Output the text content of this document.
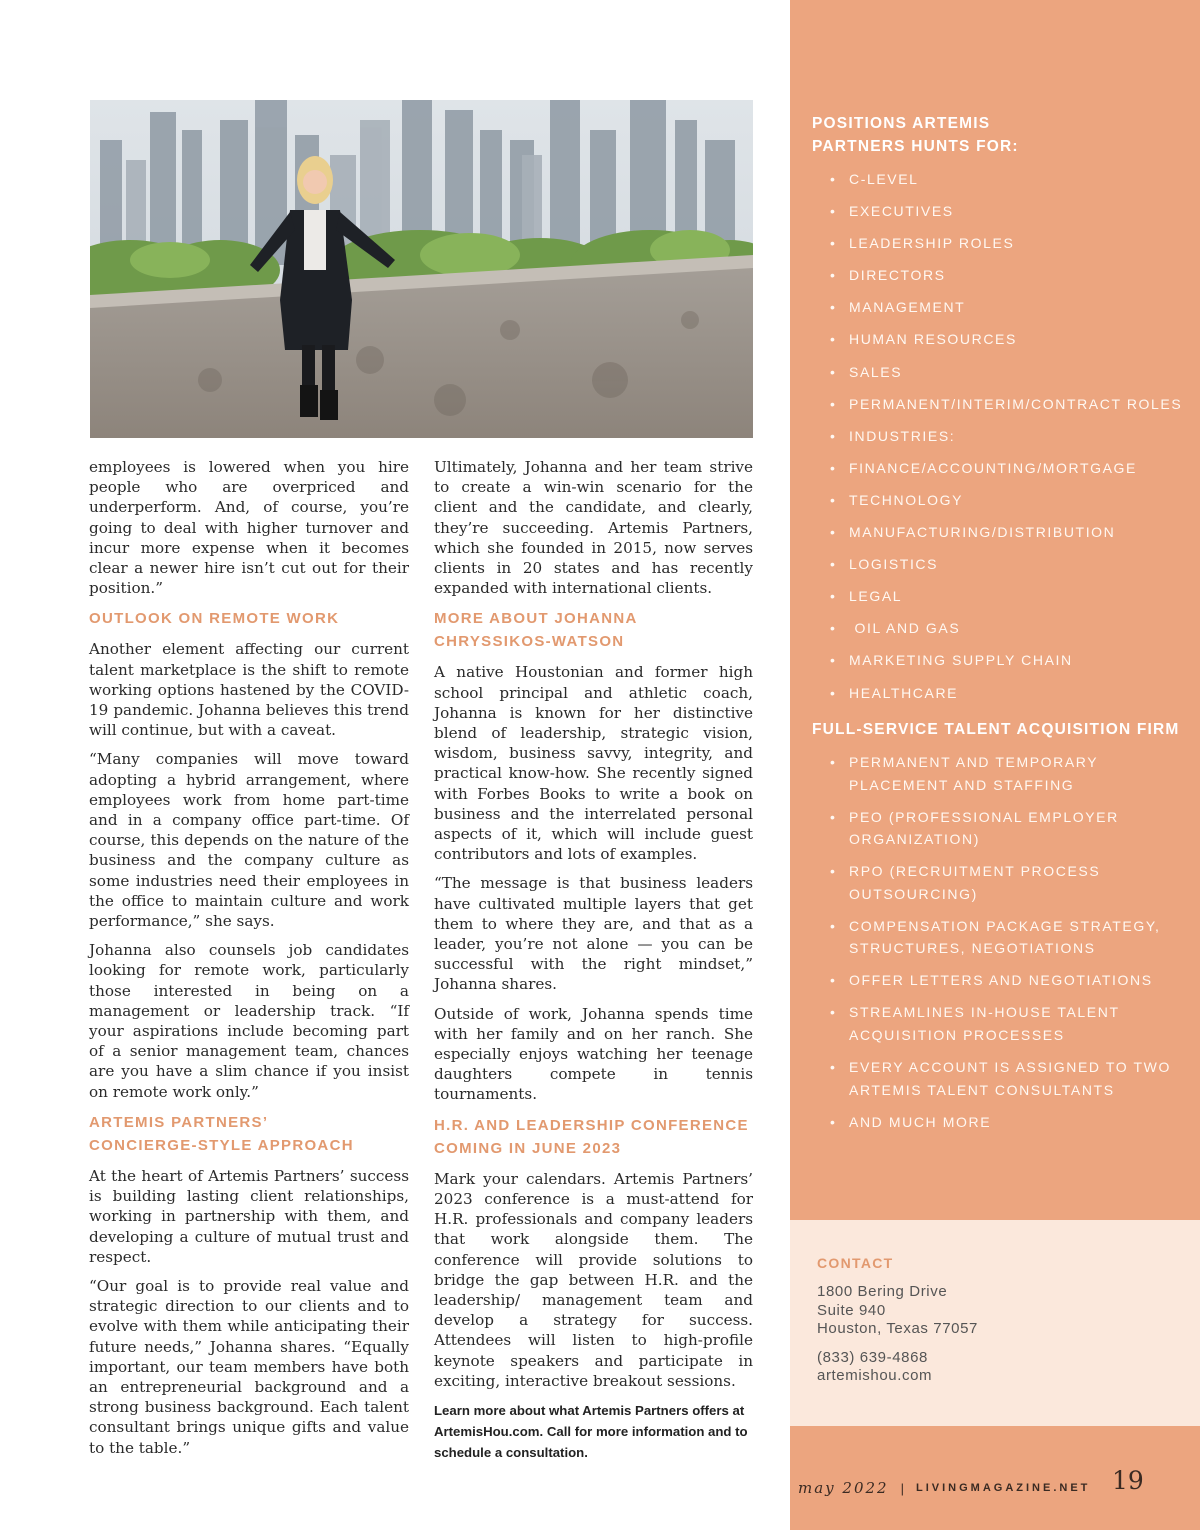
employees is lowered when you hire people who are overpriced and underperform. And, of course, you’re going to deal with higher turnover and incur more expense when it becomes clear a newer hire isn’t cut out for their position.”

OUTLOOK ON REMOTE WORK

Another element affecting our current talent marketplace is the shift to remote working options hastened by the COVID-19 pandemic. Johanna believes this trend will continue, but with a caveat.

“Many companies will move toward adopting a hybrid arrangement, where employees work from home part-time and in a company office part-time. Of course, this depends on the nature of the business and the company culture as some industries need their employees in the office to maintain culture and work performance,” she says.

Johanna also counsels job candidates looking for remote work, particularly those interested in being on a management or leadership track. “If your aspirations include becoming part of a senior management team, chances are you have a slim chance if you insist on remote work only.”

ARTEMIS PARTNERS’
CONCIERGE-STYLE APPROACH

At the heart of Artemis Partners’ success is building lasting client relationships, working in partnership with them, and developing a culture of mutual trust and respect.

“Our goal is to provide real value and strategic direction to our clients and to evolve with them while anticipating their future needs,” Johanna shares. “Equally important, our team members have both an entrepreneurial background and a strong business background. Each talent consultant brings unique gifts and value to the table.”

Ultimately, Johanna and her team strive to create a win-win scenario for the client and the candidate, and clearly, they’re succeeding. Artemis Partners, which she founded in 2015, now serves clients in 20 states and has recently expanded with international clients.

MORE ABOUT JOHANNA
CHRYSSIKOS-WATSON

A native Houstonian and former high school principal and athletic coach, Johanna is known for her distinctive blend of leadership, strategic vision, wisdom, business savvy, integrity, and practical know-how. She recently signed with Forbes Books to write a book on business and the interrelated personal aspects of it, which will include guest contributors and lots of examples.

“The message is that business leaders have cultivated multiple layers that get them to where they are, and that as a leader, you’re not alone — you can be successful with the right mindset,” Johanna shares.

Outside of work, Johanna spends time with her family and on her ranch. She especially enjoys watching her teenage daughters compete in tennis tournaments.

H.R. AND LEADERSHIP CONFERENCE
COMING IN JUNE 2023

Mark your calendars. Artemis Partners’ 2023 conference is a must-attend for H.R. professionals and company leaders that work alongside them. The conference will provide solutions to bridge the gap between H.R. and the leadership/ management team and develop a strategy for success. Attendees will listen to high-profile keynote speakers and participate in exciting, interactive breakout sessions.

Learn more about what Artemis Partners offers at ArtemisHou.com. Call for more information and to schedule a consultation.

POSITIONS ARTEMIS
PARTNERS HUNTS FOR:
• C-LEVEL
• EXECUTIVES
• LEADERSHIP ROLES
• DIRECTORS
• MANAGEMENT
• HUMAN RESOURCES
• SALES
• PERMANENT/INTERIM/CONTRACT ROLES
• INDUSTRIES:
• FINANCE/ACCOUNTING/MORTGAGE
• TECHNOLOGY
• MANUFACTURING/DISTRIBUTION
• LOGISTICS
• LEGAL
•  OIL AND GAS
• MARKETING SUPPLY CHAIN
• HEALTHCARE
FULL-SERVICE TALENT ACQUISITION FIRM
• PERMANENT AND TEMPORARY PLACEMENT AND STAFFING
• PEO (PROFESSIONAL EMPLOYER ORGANIZATION)
• RPO (RECRUITMENT PROCESS OUTSOURCING)
• COMPENSATION PACKAGE STRATEGY, STRUCTURES, NEGOTIATIONS
• OFFER LETTERS AND NEGOTIATIONS
• STREAMLINES IN-HOUSE TALENT ACQUISITION PROCESSES
• EVERY ACCOUNT IS ASSIGNED TO TWO ARTEMIS TALENT CONSULTANTS
• AND MUCH MORE
CONTACT
1800 Bering Drive
Suite 940
Houston, Texas 77057
(833) 639-4868
artemishou.com
may 2022 | LIVINGMAGAZINE.NET 19
